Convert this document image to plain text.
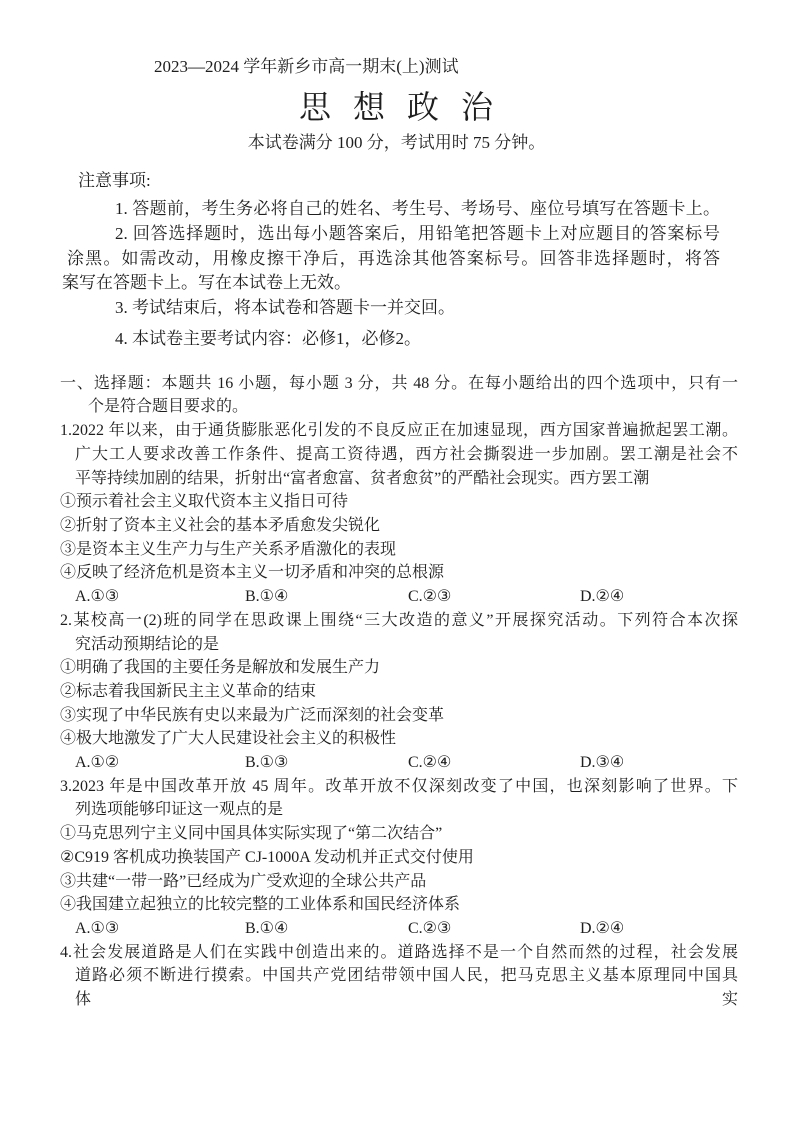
2023—2024 学年新乡市高一期末(上)测试
思 想 政 治
本试卷满分 100 分，考试用时 75 分钟。
注意事项:
1. 答题前，考生务必将自己的姓名、考生号、考场号、座位号填写在答题卡上。
2. 回答选择题时，选出每小题答案后，用铅笔把答题卡上对应题目的答案标号
涂黑。如需改动，用橡皮擦干净后，再选涂其他答案标号。回答非选择题时，将答
案写在答题卡上。写在本试卷上无效。
3. 考试结束后，将本试卷和答题卡一并交回。
4. 本试卷主要考试内容：必修1，必修2。
一、选择题：本题共 16 小题，每小题 3 分，共 48 分。在每小题给出的四个选项中，只有一
个是符合题目要求的。
1.2022 年以来，由于通货膨胀恶化引发的不良反应正在加速显现，西方国家普遍掀起罢工潮。
广大工人要求改善工作条件、提高工资待遇，西方社会撕裂进一步加剧。罢工潮是社会不
平等持续加剧的结果，折射出“富者愈富、贫者愈贫”的严酷社会现实。西方罢工潮
①预示着社会主义取代资本主义指日可待
②折射了资本主义社会的基本矛盾愈发尖锐化
③是资本主义生产力与生产关系矛盾激化的表现
④反映了经济危机是资本主义一切矛盾和冲突的总根源
A.①③	B.①④	C.②③	D.②④
2.某校高一(2)班的同学在思政课上围绕“三大改造的意义”开展探究活动。下列符合本次探
究活动预期结论的是
①明确了我国的主要任务是解放和发展生产力
②标志着我国新民主主义革命的结束
③实现了中华民族有史以来最为广泛而深刻的社会变革
④极大地激发了广大人民建设社会主义的积极性
A.①②	B.①③	C.②④	D.③④
3.2023 年是中国改革开放 45 周年。改革开放不仅深刻改变了中国，也深刻影响了世界。下
列选项能够印证这一观点的是
①马克思列宁主义同中国具体实际实现了“第二次结合”
②C919 客机成功换装国产 CJ-1000A 发动机并正式交付使用
③共建“一带一路”已经成为广受欢迎的全球公共产品
④我国建立起独立的比较完整的工业体系和国民经济体系
A.①③	B.①④	C.②③	D.②④
4.社会发展道路是人们在实践中创造出来的。道路选择不是一个自然而然的过程，社会发展
道路必须不断进行摸索。中国共产党团结带领中国人民，把马克思主义基本原理同中国具
体	实
